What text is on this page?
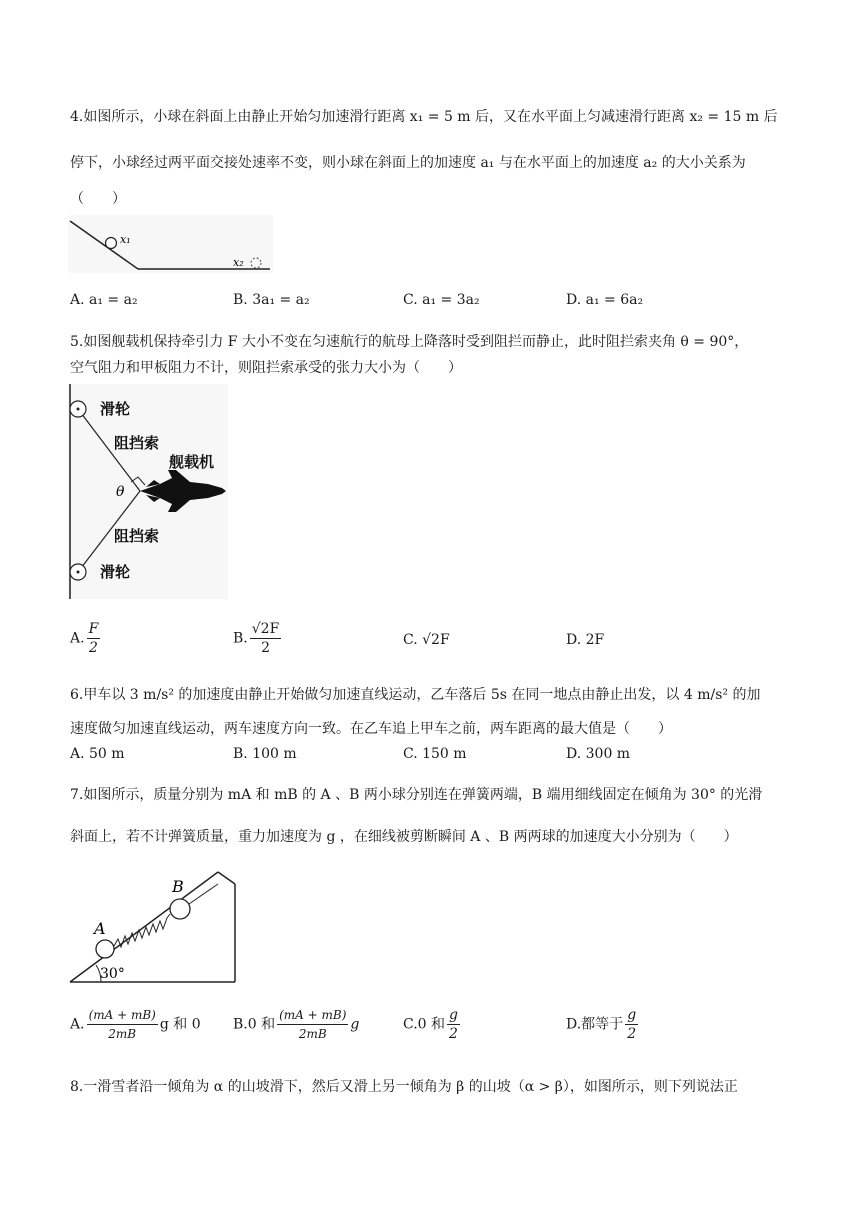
4.如图所示，小球在斜面上由静止开始匀加速滑行距离 x₁ = 5 m 后，又在水平面上匀减速滑行距离 x₂ = 15 m 后
停下，小球经过两平面交接处速率不变，则小球在斜面上的加速度 a₁ 与在水平面上的加速度 a₂ 的大小关系为
（　　）
x₁
x₂
A. a₁ = a₂	B. 3a₁ = a₂	C. a₁ = 3a₂	D. a₁ = 6a₂
5.如图舰载机保持牵引力 F 大小不变在匀速航行的航母上降落时受到阻拦而静止，此时阻拦索夹角 θ = 90°，
空气阻力和甲板阻力不计，则阻拦索承受的张力大小为（　　）
滑轮
阻挡索
舰载机
θ
阻挡索
滑轮
A. $\frac{F}{2}$	B. $\frac{√2F}{2}$	C. √2F	D. 2F
6.甲车以 3 m/s² 的加速度由静止开始做匀加速直线运动，乙车落后 5s 在同一地点由静止出发，以 4 m/s² 的加
速度做匀加速直线运动，两车速度方向一致。在乙车追上甲车之前，两车距离的最大值是（　　）
A. 50 m	B. 100 m	C. 150 m	D. 300 m
7.如图所示，质量分别为 mA 和 mB 的 A 、B 两小球分别连在弹簧两端，B 端用细线固定在倾角为 30° 的光滑
斜面上，若不计弹簧质量，重力加速度为 g ，在细线被剪断瞬间 A 、B 两两球的加速度大小分别为（　　）
30°
A
B
A. $\frac{(mA + mB)}{2mB}$ g 和 0 B.0 和 $\frac{(mA + mB)}{2mB}$ g	C.0 和 $\frac{g}{2}$	D.都等于 $\frac{g}{2}$
8.一滑雪者沿一倾角为 α 的山坡滑下，然后又滑上另一倾角为 β 的山坡（α > β），如图所示，则下列说法正
